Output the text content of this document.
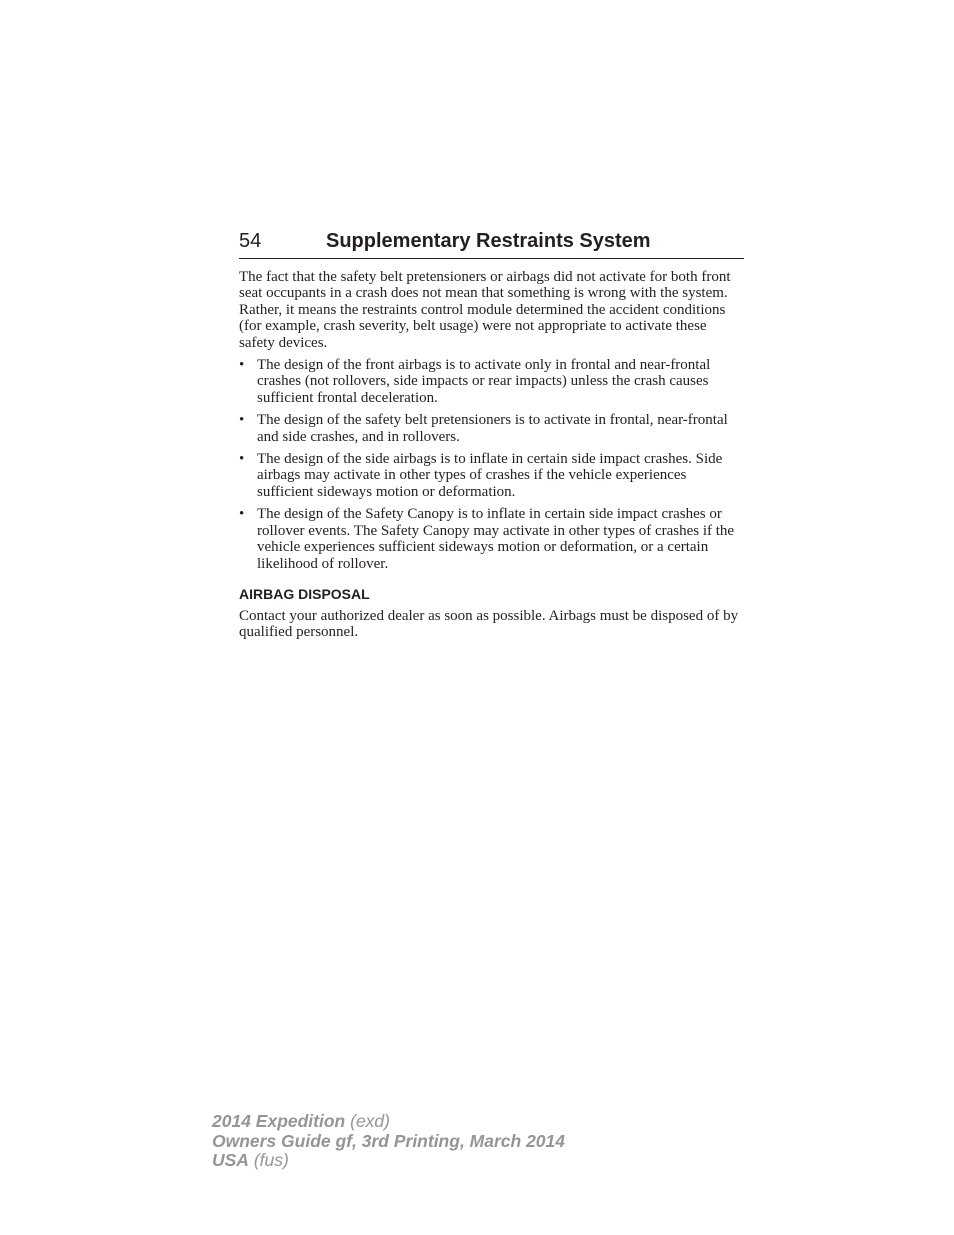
54	Supplementary Restraints System

The fact that the safety belt pretensioners or airbags did not activate for both front seat occupants in a crash does not mean that something is wrong with the system. Rather, it means the restraints control module determined the accident conditions (for example, crash severity, belt usage) were not appropriate to activate these safety devices.

• The design of the front airbags is to activate only in frontal and near-frontal crashes (not rollovers, side impacts or rear impacts) unless the crash causes sufficient frontal deceleration.
• The design of the safety belt pretensioners is to activate in frontal, near-frontal and side crashes, and in rollovers.
• The design of the side airbags is to inflate in certain side impact crashes. Side airbags may activate in other types of crashes if the vehicle experiences sufficient sideways motion or deformation.
• The design of the Safety Canopy is to inflate in certain side impact crashes or rollover events. The Safety Canopy may activate in other types of crashes if the vehicle experiences sufficient sideways motion or deformation, or a certain likelihood of rollover.
AIRBAG DISPOSAL

Contact your authorized dealer as soon as possible. Airbags must be disposed of by qualified personnel.

2014 Expedition (exd)
Owners Guide gf, 3rd Printing, March 2014
USA (fus)
